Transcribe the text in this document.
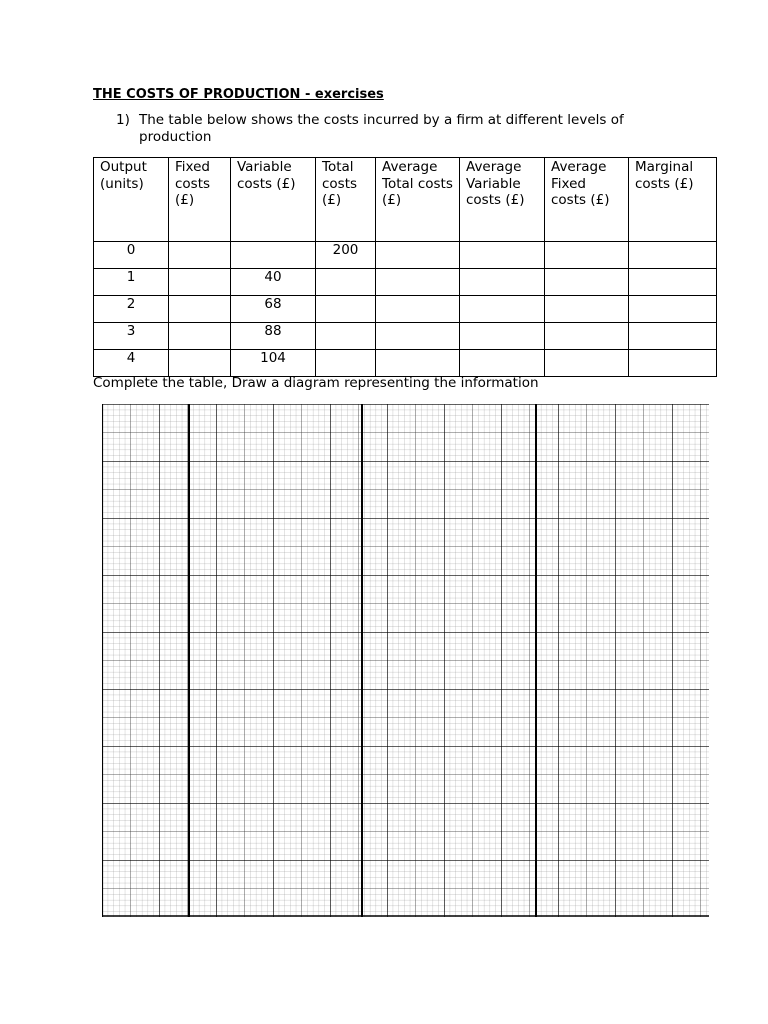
THE COSTS OF PRODUCTION - exercises
1) The table below shows the costs incurred by a firm at different levels of production
Output (units)	Fixed costs (£)	Variable costs (£)	Total costs (£)	Average Total costs (£)	Average Variable costs (£)	Average Fixed costs (£)	Marginal costs (£)
0			200				
1		40					
2		68					
3		88					
4		104					
Complete the table, Draw a diagram representing the information
